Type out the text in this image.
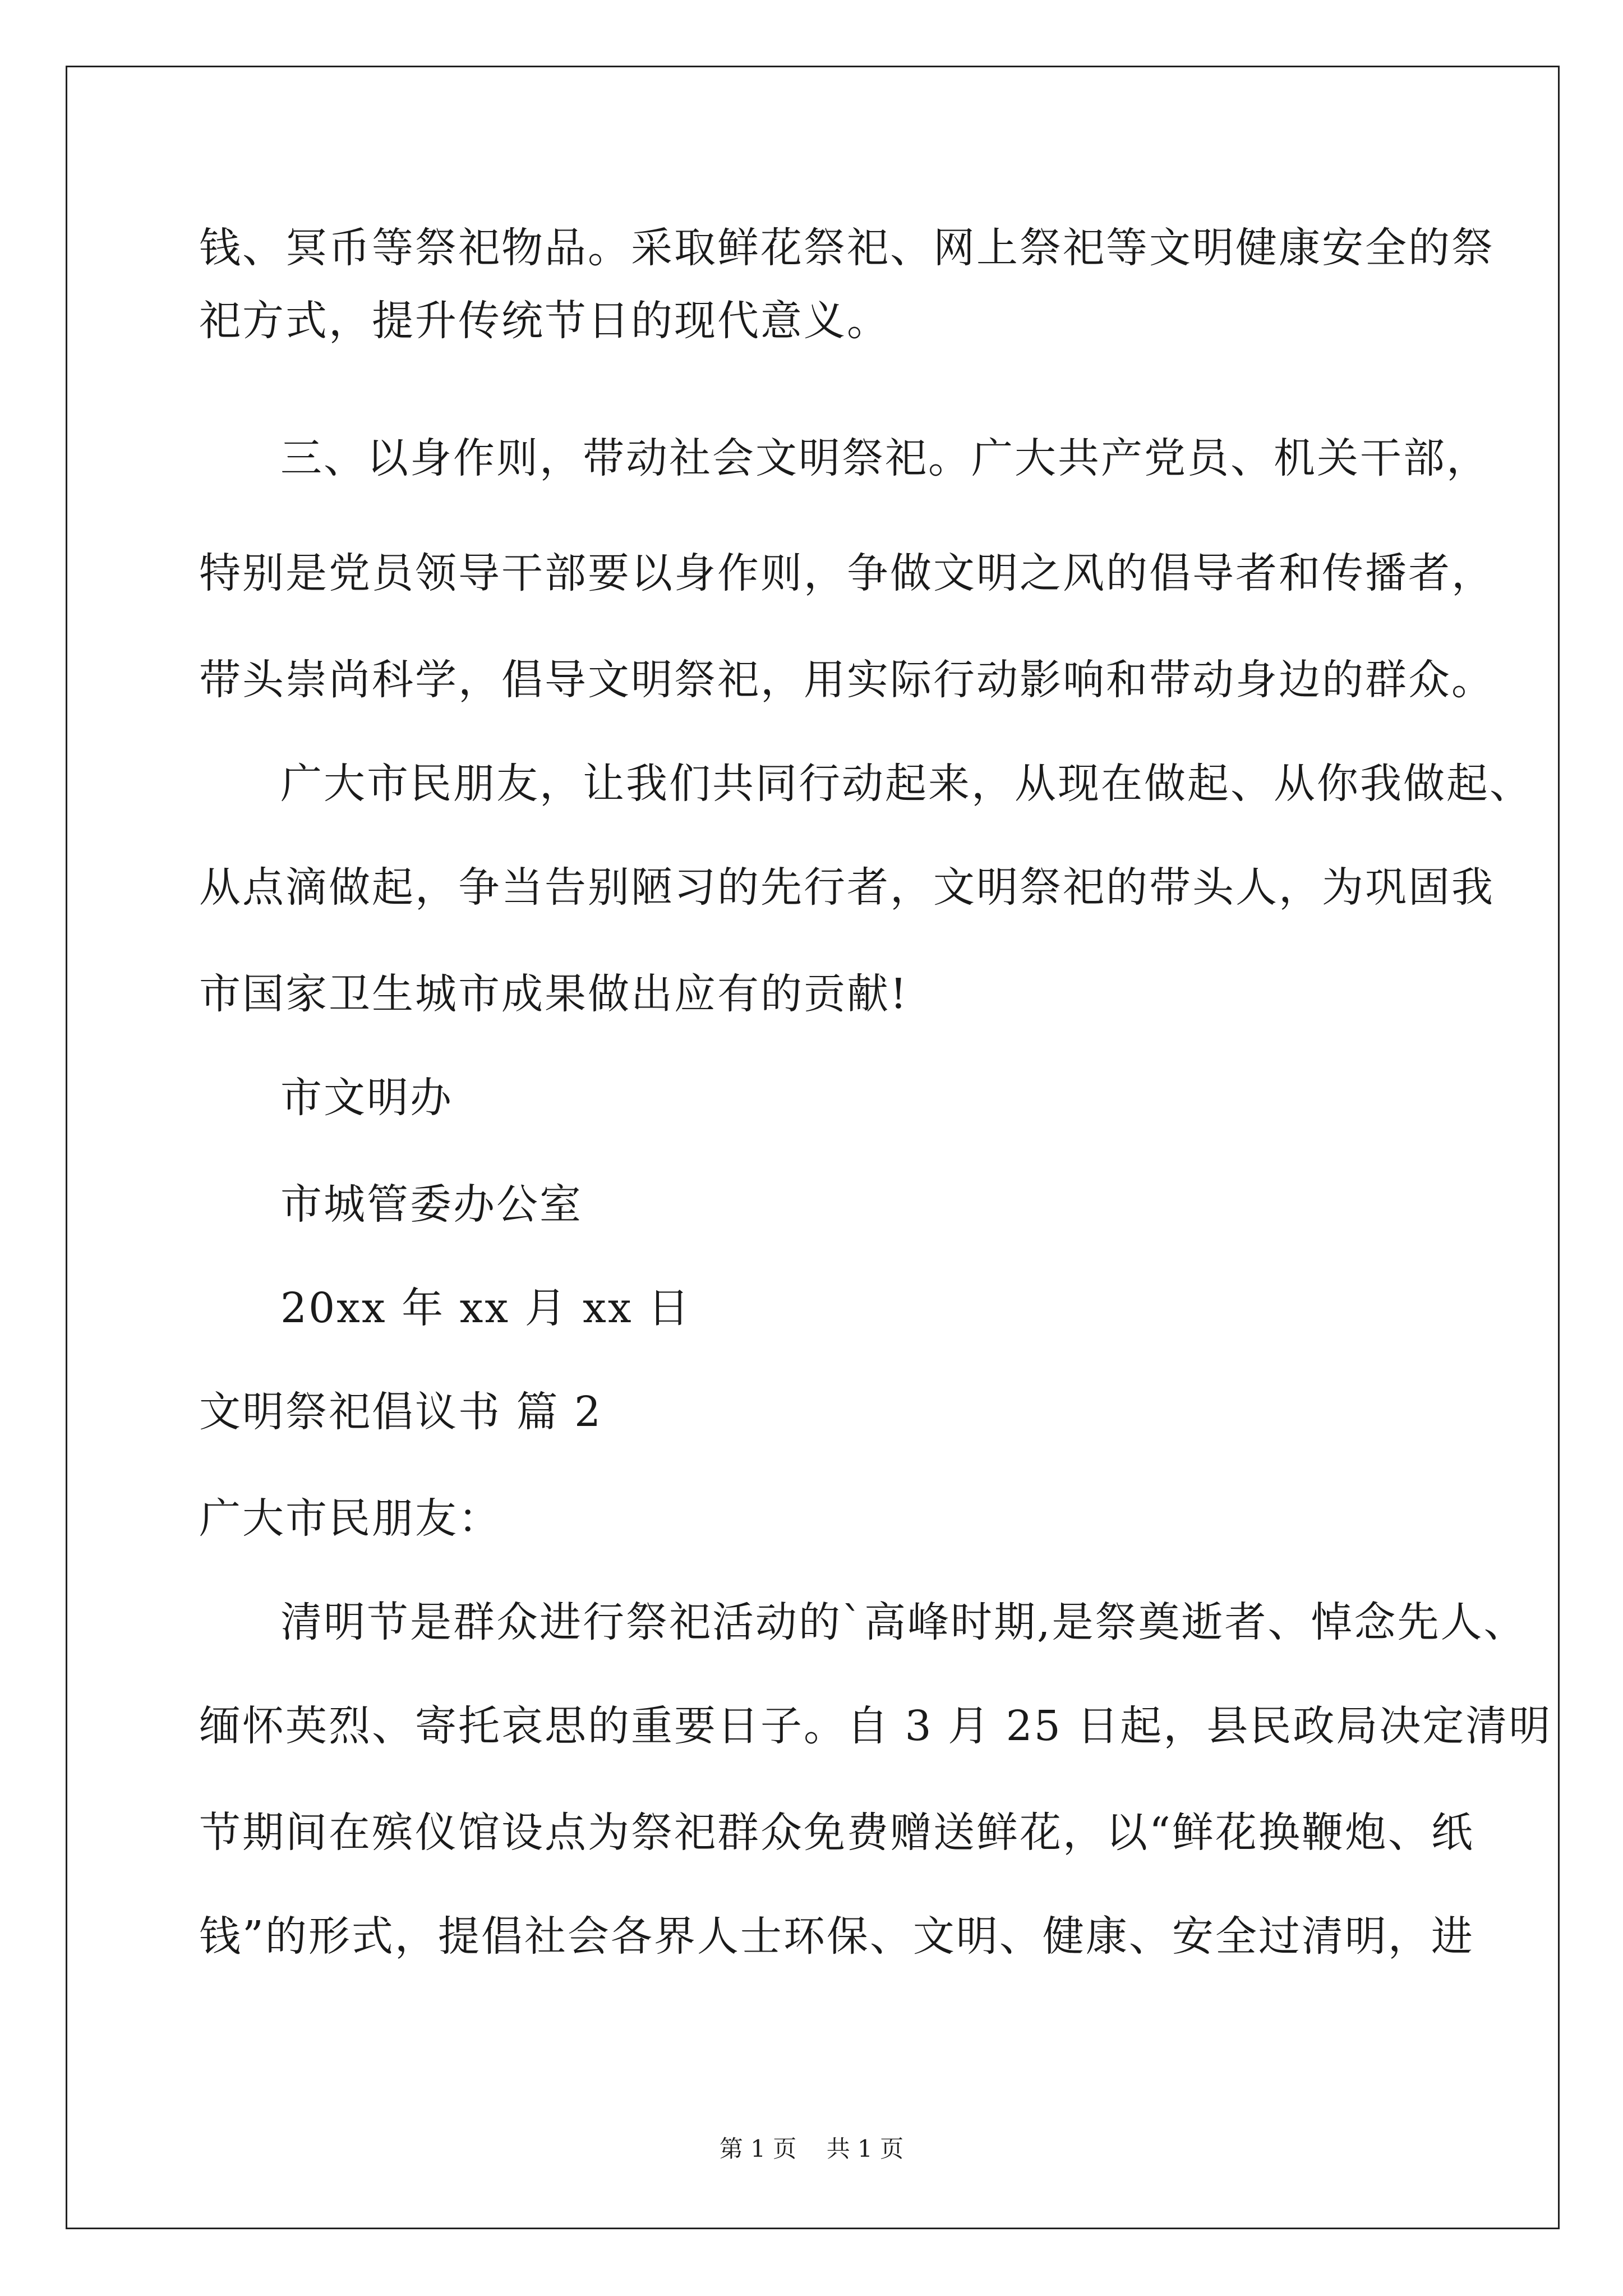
钱、冥币等祭祀物品。采取鲜花祭祀、网上祭祀等文明健康安全的祭

祀方式，提升传统节日的现代意义。

三、以身作则，带动社会文明祭祀。广大共产党员、机关干部，

特别是党员领导干部要以身作则，争做文明之风的倡导者和传播者，

带头崇尚科学，倡导文明祭祀，用实际行动影响和带动身边的群众。

广大市民朋友，让我们共同行动起来，从现在做起、从你我做起、

从点滴做起，争当告别陋习的先行者，文明祭祀的带头人，为巩固我

市国家卫生城市成果做出应有的贡献!

市文明办

市城管委办公室

20xx 年 xx 月 xx 日

文明祭祀倡议书 篇 2

广大市民朋友：

清明节是群众进行祭祀活动的`高峰时期,是祭奠逝者、悼念先人、

缅怀英烈、寄托哀思的重要日子。自 3 月 25 日起，县民政局决定清明

节期间在殡仪馆设点为祭祀群众免费赠送鲜花，以“鲜花换鞭炮、纸

钱”的形式，提倡社会各界人士环保、文明、健康、安全过清明，进

第 1 页    共 1 页
